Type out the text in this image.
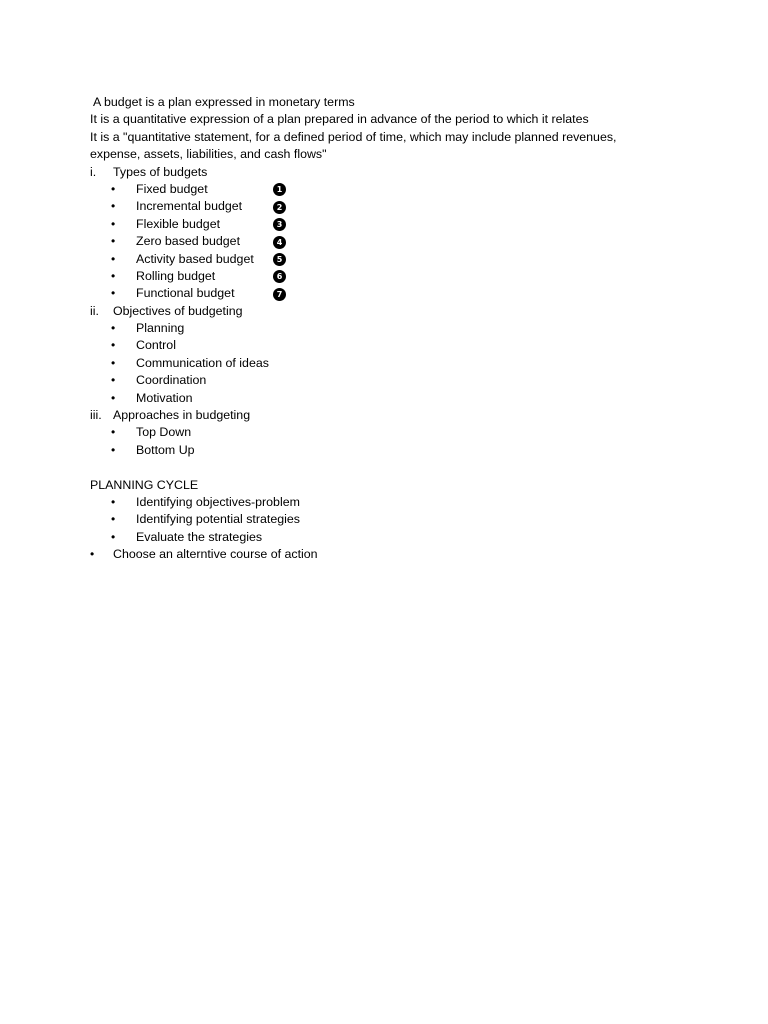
A budget is a plan expressed in monetary terms
It is a quantitative expression of a plan prepared in advance of the period to which it relates
It is a "quantitative statement, for a defined period of time, which may include planned revenues,
expense, assets, liabilities, and cash flows"
i. Types of budgets
• Fixed budget	1
• Incremental budget	2
• Flexible budget	3
• Zero based budget	4
• Activity based budget	5
• Rolling budget	6
• Functional budget	7
ii. Objectives of budgeting
• Planning
• Control
• Communication of ideas
• Coordination
• Motivation
iii. Approaches in budgeting
• Top Down
• Bottom Up
PLANNING CYCLE
• Identifying objectives-problem
• Identifying potential strategies
• Evaluate the strategies
• Choose an alterntive course of action
